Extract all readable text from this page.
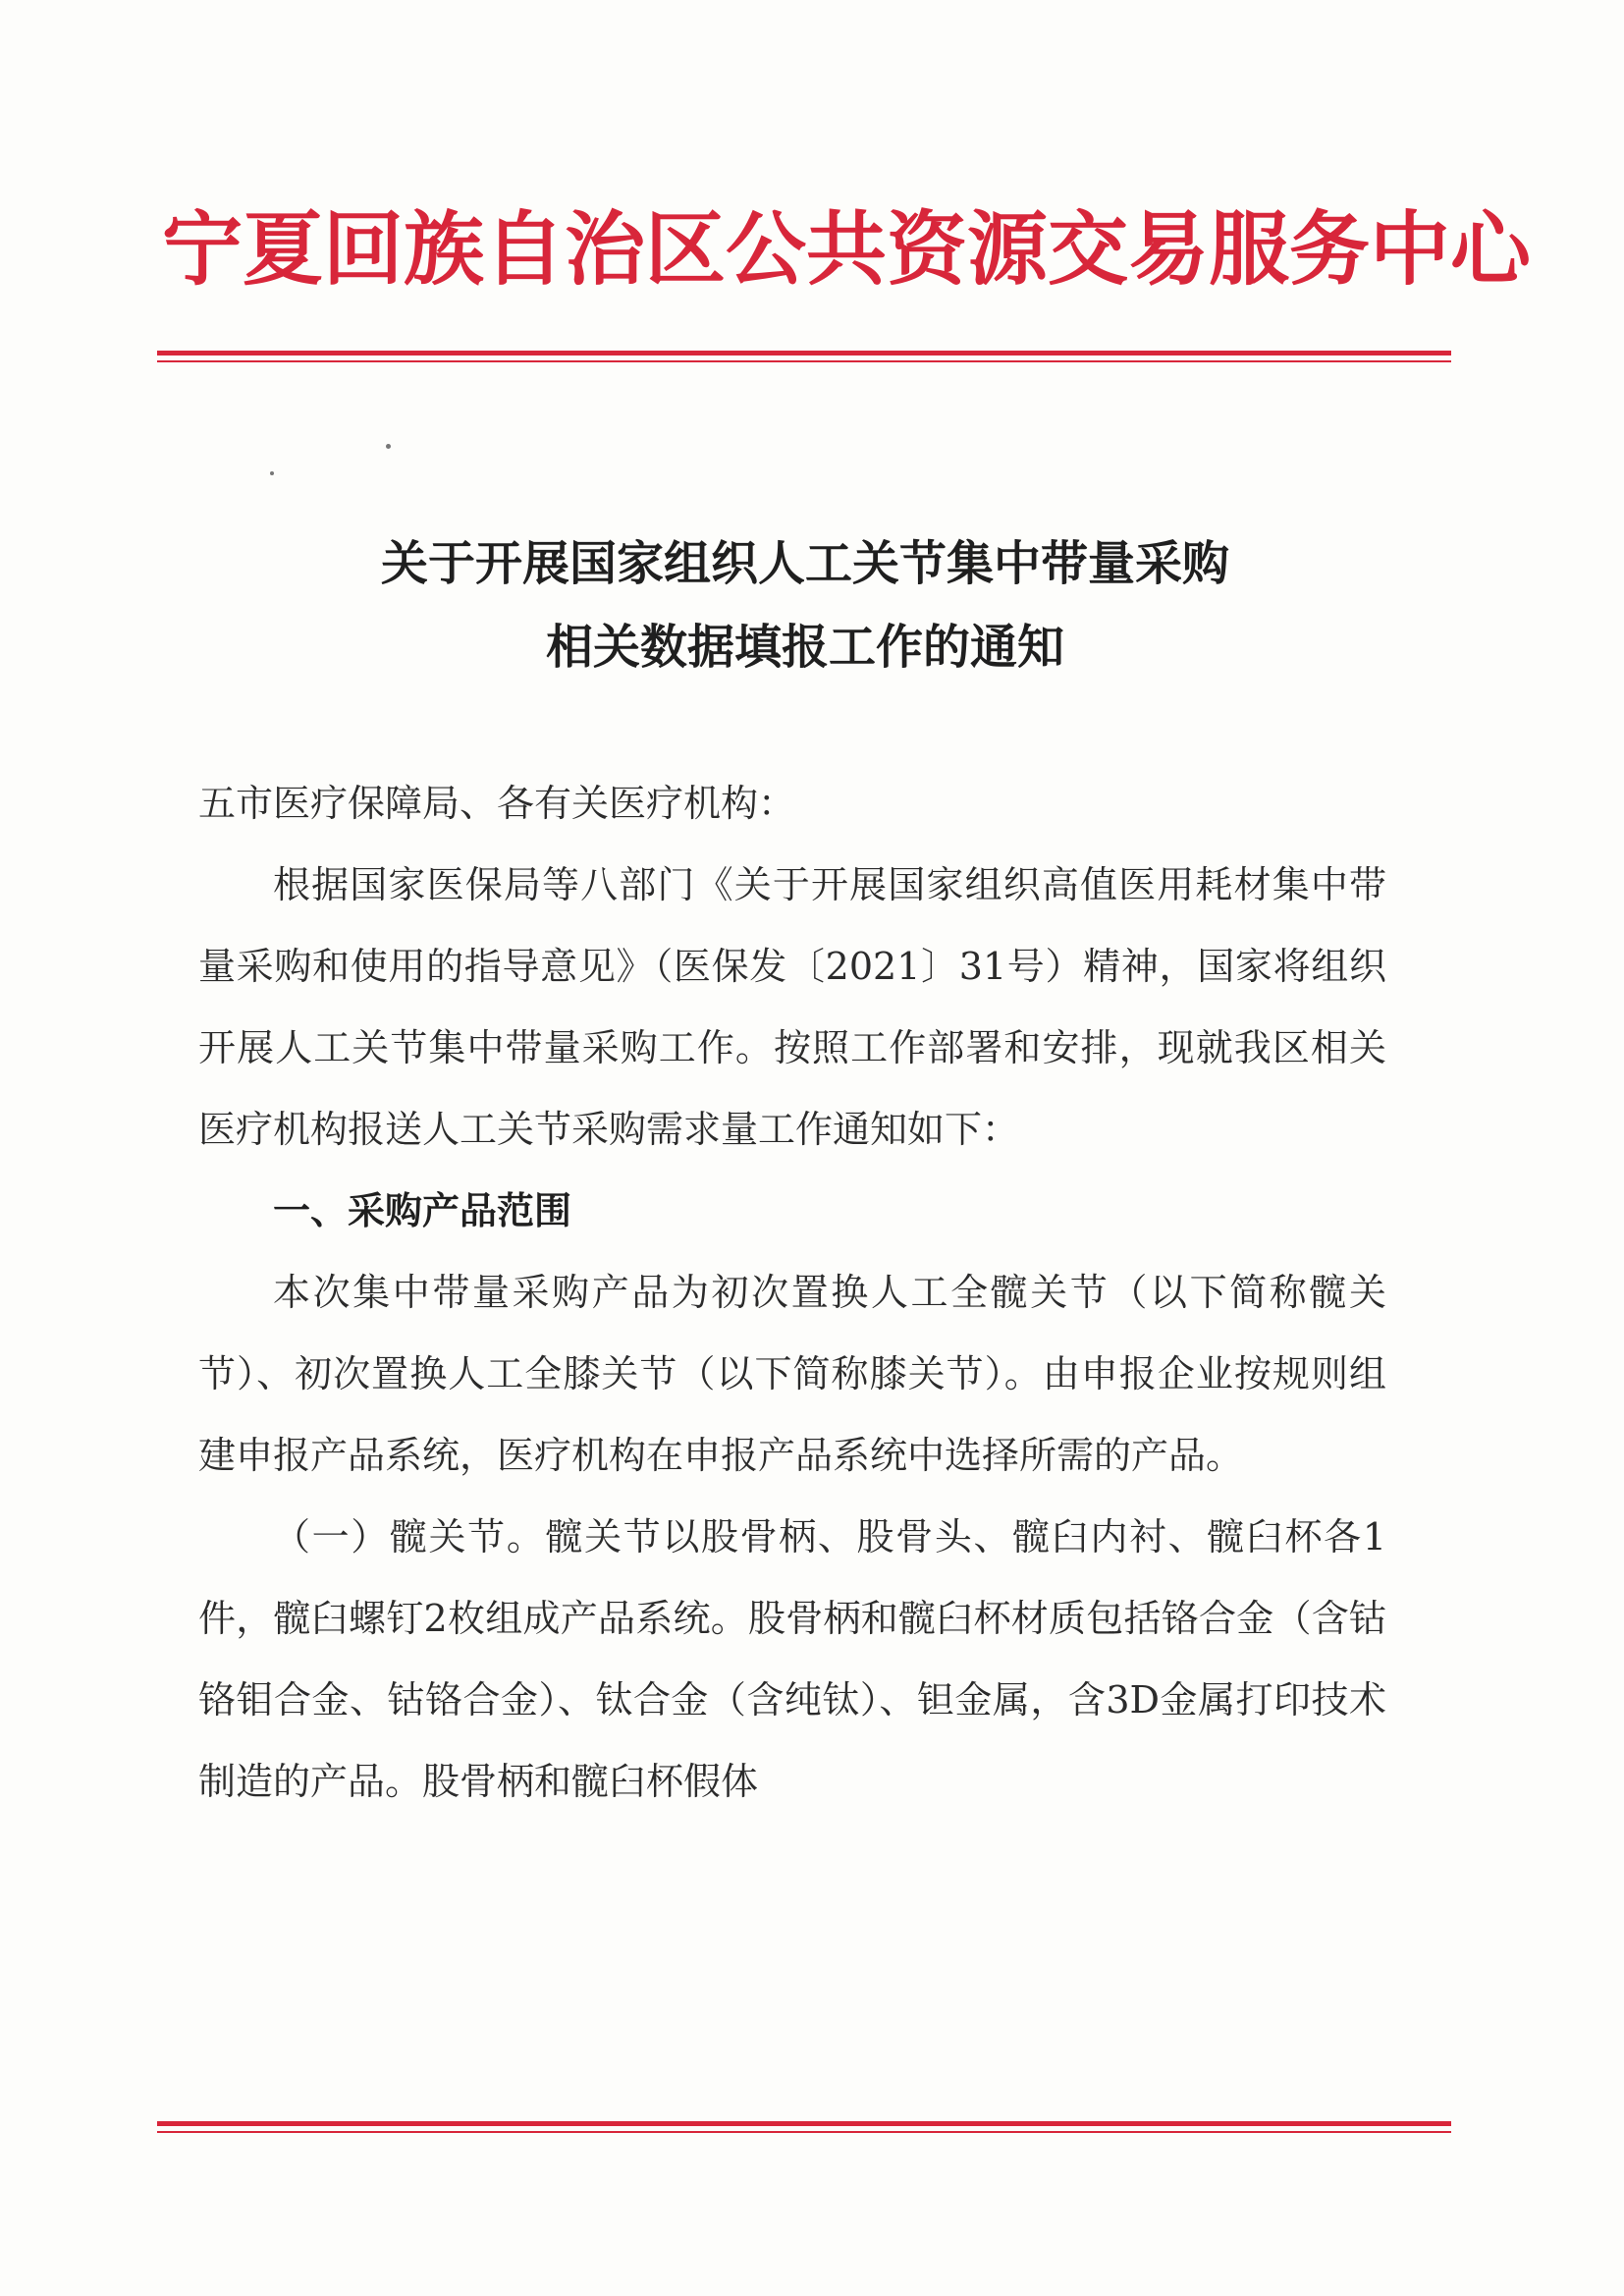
宁夏回族自治区公共资源交易服务中心
关于开展国家组织人工关节集中带量采购
相关数据填报工作的通知

五市医疗保障局、各有关医疗机构：

根据国家医保局等八部门《关于开展国家组织高值医用耗材集中带量采购和使用的指导意见》（医保发〔2021〕31号）精神，国家将组织开展人工关节集中带量采购工作。按照工作部署和安排，现就我区相关医疗机构报送人工关节采购需求量工作通知如下：

一、采购产品范围

本次集中带量采购产品为初次置换人工全髋关节（以下简称髋关节）、初次置换人工全膝关节（以下简称膝关节）。由申报企业按规则组建申报产品系统，医疗机构在申报产品系统中选择所需的产品。

（一）髋关节。髋关节以股骨柄、股骨头、髋臼内衬、髋臼杯各1件，髋臼螺钉2枚组成产品系统。股骨柄和髋臼杯材质包括铬合金（含钴铬钼合金、钴铬合金）、钛合金（含纯钛）、钽金属，含3D金属打印技术制造的产品。股骨柄和髋臼杯假体
